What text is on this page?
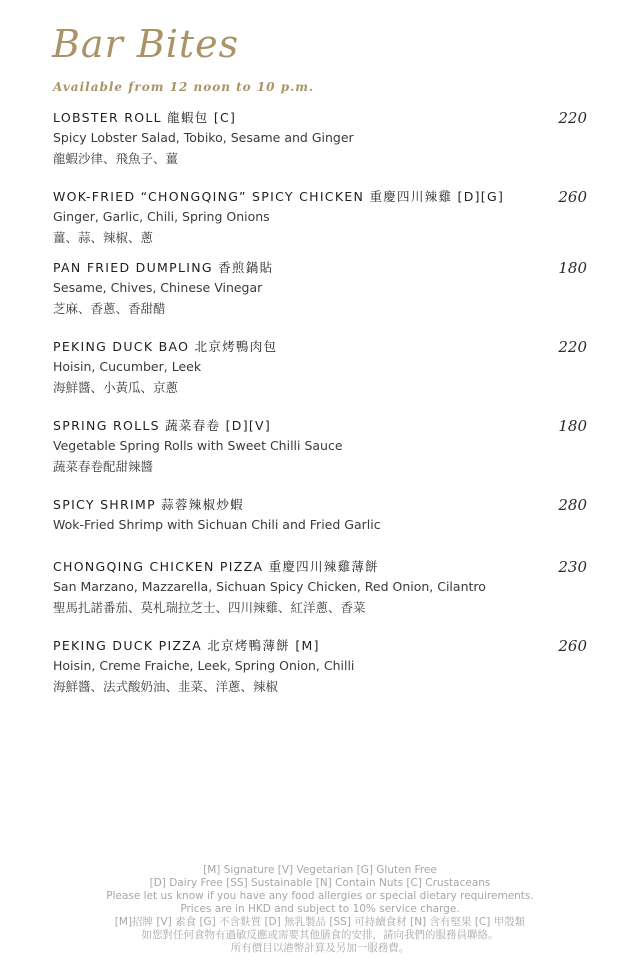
Bar Bites
Available from 12 noon to 10 p.m.
LOBSTER ROLL 龍蝦包 [C]
Spicy Lobster Salad, Tobiko, Sesame and Ginger
龍蝦沙律、飛魚子、薑
220
WOK-FRIED “CHONGQING” SPICY CHICKEN 重慶四川辣雞 [D][G]
Ginger, Garlic, Chili, Spring Onions
薑、蒜、辣椒、蔥
260
PAN FRIED DUMPLING 香煎鍋貼
Sesame, Chives, Chinese Vinegar
芝麻、香蔥、香甜醋
180
PEKING DUCK BAO 北京烤鴨肉包
Hoisin, Cucumber, Leek
海鮮醬、小黃瓜、京蔥
220
SPRING ROLLS 蔬菜春卷 [D][V]
Vegetable Spring Rolls with Sweet Chilli Sauce
蔬菜春卷配甜辣醬
180
SPICY SHRIMP 蒜蓉辣椒炒蝦
Wok-Fried Shrimp with Sichuan Chili and Fried Garlic
280
CHONGQING CHICKEN PIZZA 重慶四川辣雞薄餅
San Marzano, Mazzarella, Sichuan Spicy Chicken, Red Onion, Cilantro
聖馬扎諾番茄、莫札瑞拉芝士、四川辣雞、紅洋蔥、香菜
230
PEKING DUCK PIZZA 北京烤鴨薄餅 [M]
Hoisin, Creme Fraiche, Leek, Spring Onion, Chilli
海鮮醬、法式酸奶油、韭菜、洋蔥、辣椒
260
[M] Signature [V] Vegetarian [G] Gluten Free
[D] Dairy Free [SS] Sustainable [N] Contain Nuts [C] Crustaceans
Please let us know if you have any food allergies or special dietary requirements.
Prices are in HKD and subject to 10% service charge.
[M]招牌 [V] 素食 [G] 不含麩質 [D] 無乳製品 [SS] 可持續食材 [N] 含有堅果 [C] 甲殼類
如您對任何食物有過敏反應或需要其他膳食的安排，請向我們的服務員聯絡。
所有價目以港幣計算及另加一服務費。
